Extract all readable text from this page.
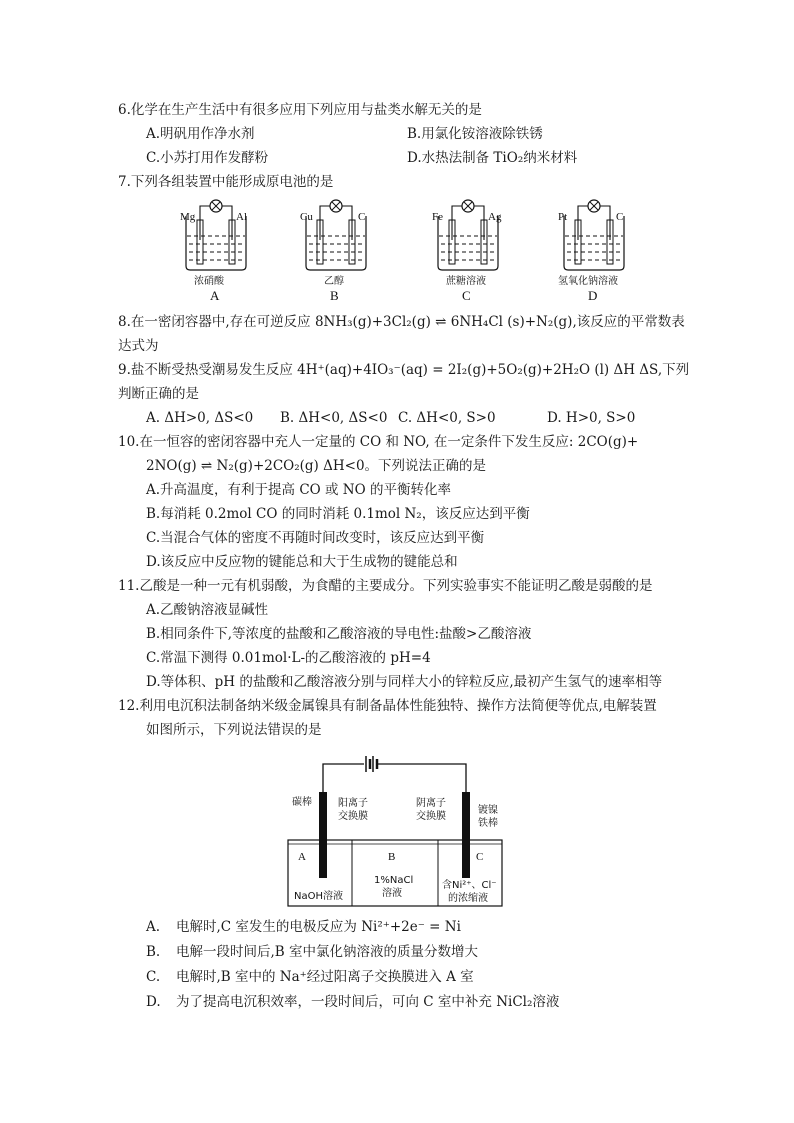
6.化学在生产生活中有很多应用下列应用与盐类水解无关的是
A.明矾用作净水剂	B.用氯化铵溶液除铁锈
C.小苏打用作发酵粉	D.水热法制备 TiO₂纳米材料
7.下列各组装置中能形成原电池的是
Mg	Al
浓硝酸
A
Cu	C
乙醇
B
Fe	Ag
蔗糖溶液
C
Pt	C
氢氧化钠溶液
D
8.在一密闭容器中,存在可逆反应 8NH₃(g)+3Cl₂(g) ⇌ 6NH₄Cl (s)+N₂(g),该反应的平常数表
达式为
9.盐不断受热受潮易发生反应 4H⁺(aq)+4IO₃⁻(aq) = 2I₂(g)+5O₂(g)+2H₂O (l) ΔH ΔS,下列
判断正确的是
A. ΔH>0, ΔS<0 B. ΔH<0, ΔS<0 C. ΔH<0, S>0	D. H>0, S>0
10.在一恒容的密闭容器中充人一定量的 CO 和 NO, 在一定条件下发生反应: 2CO(g)+
2NO(g) ⇌ N₂(g)+2CO₂(g) ΔH<0。下列说法正确的是
A.升高温度，有利于提高 CO 或 NO 的平衡转化率
B.每消耗 0.2mol CO 的同时消耗 0.1mol N₂，该反应达到平衡
C.当混合气体的密度不再随时间改变时，该反应达到平衡
D.该反应中反应物的键能总和大于生成物的键能总和
11.乙酸是一种一元有机弱酸，为食醋的主要成分。下列实验事实不能证明乙酸是弱酸的是
A.乙酸钠溶液显碱性
B.相同条件下,等浓度的盐酸和乙酸溶液的导电性:盐酸>乙酸溶液
C.常温下测得 0.01mol·L-的乙酸溶液的 pH=4
D.等体积、pH 的盐酸和乙酸溶液分别与同样大小的锌粒反应,最初产生氢气的速率相等
12.利用电沉积法制备纳米级金属镍具有制备晶体性能独特、操作方法简便等优点,电解装置
如图所示，下列说法错误的是
碳棒	阳离子
交换膜
阴离子
交换膜
镀镍
铁棒
A	B	C
NaOH溶液
1%NaCl
溶液
含Ni²⁺、Cl⁻
的浓缩液
A. 电解时,C 室发生的电极反应为 Ni²⁺+2e⁻ = Ni
B. 电解一段时间后,B 室中氯化钠溶液的质量分数增大
C. 电解时,B 室中的 Na⁺经过阳离子交换膜进入 A 室
D. 为了提高电沉积效率，一段时间后，可向 C 室中补充 NiCl₂溶液
